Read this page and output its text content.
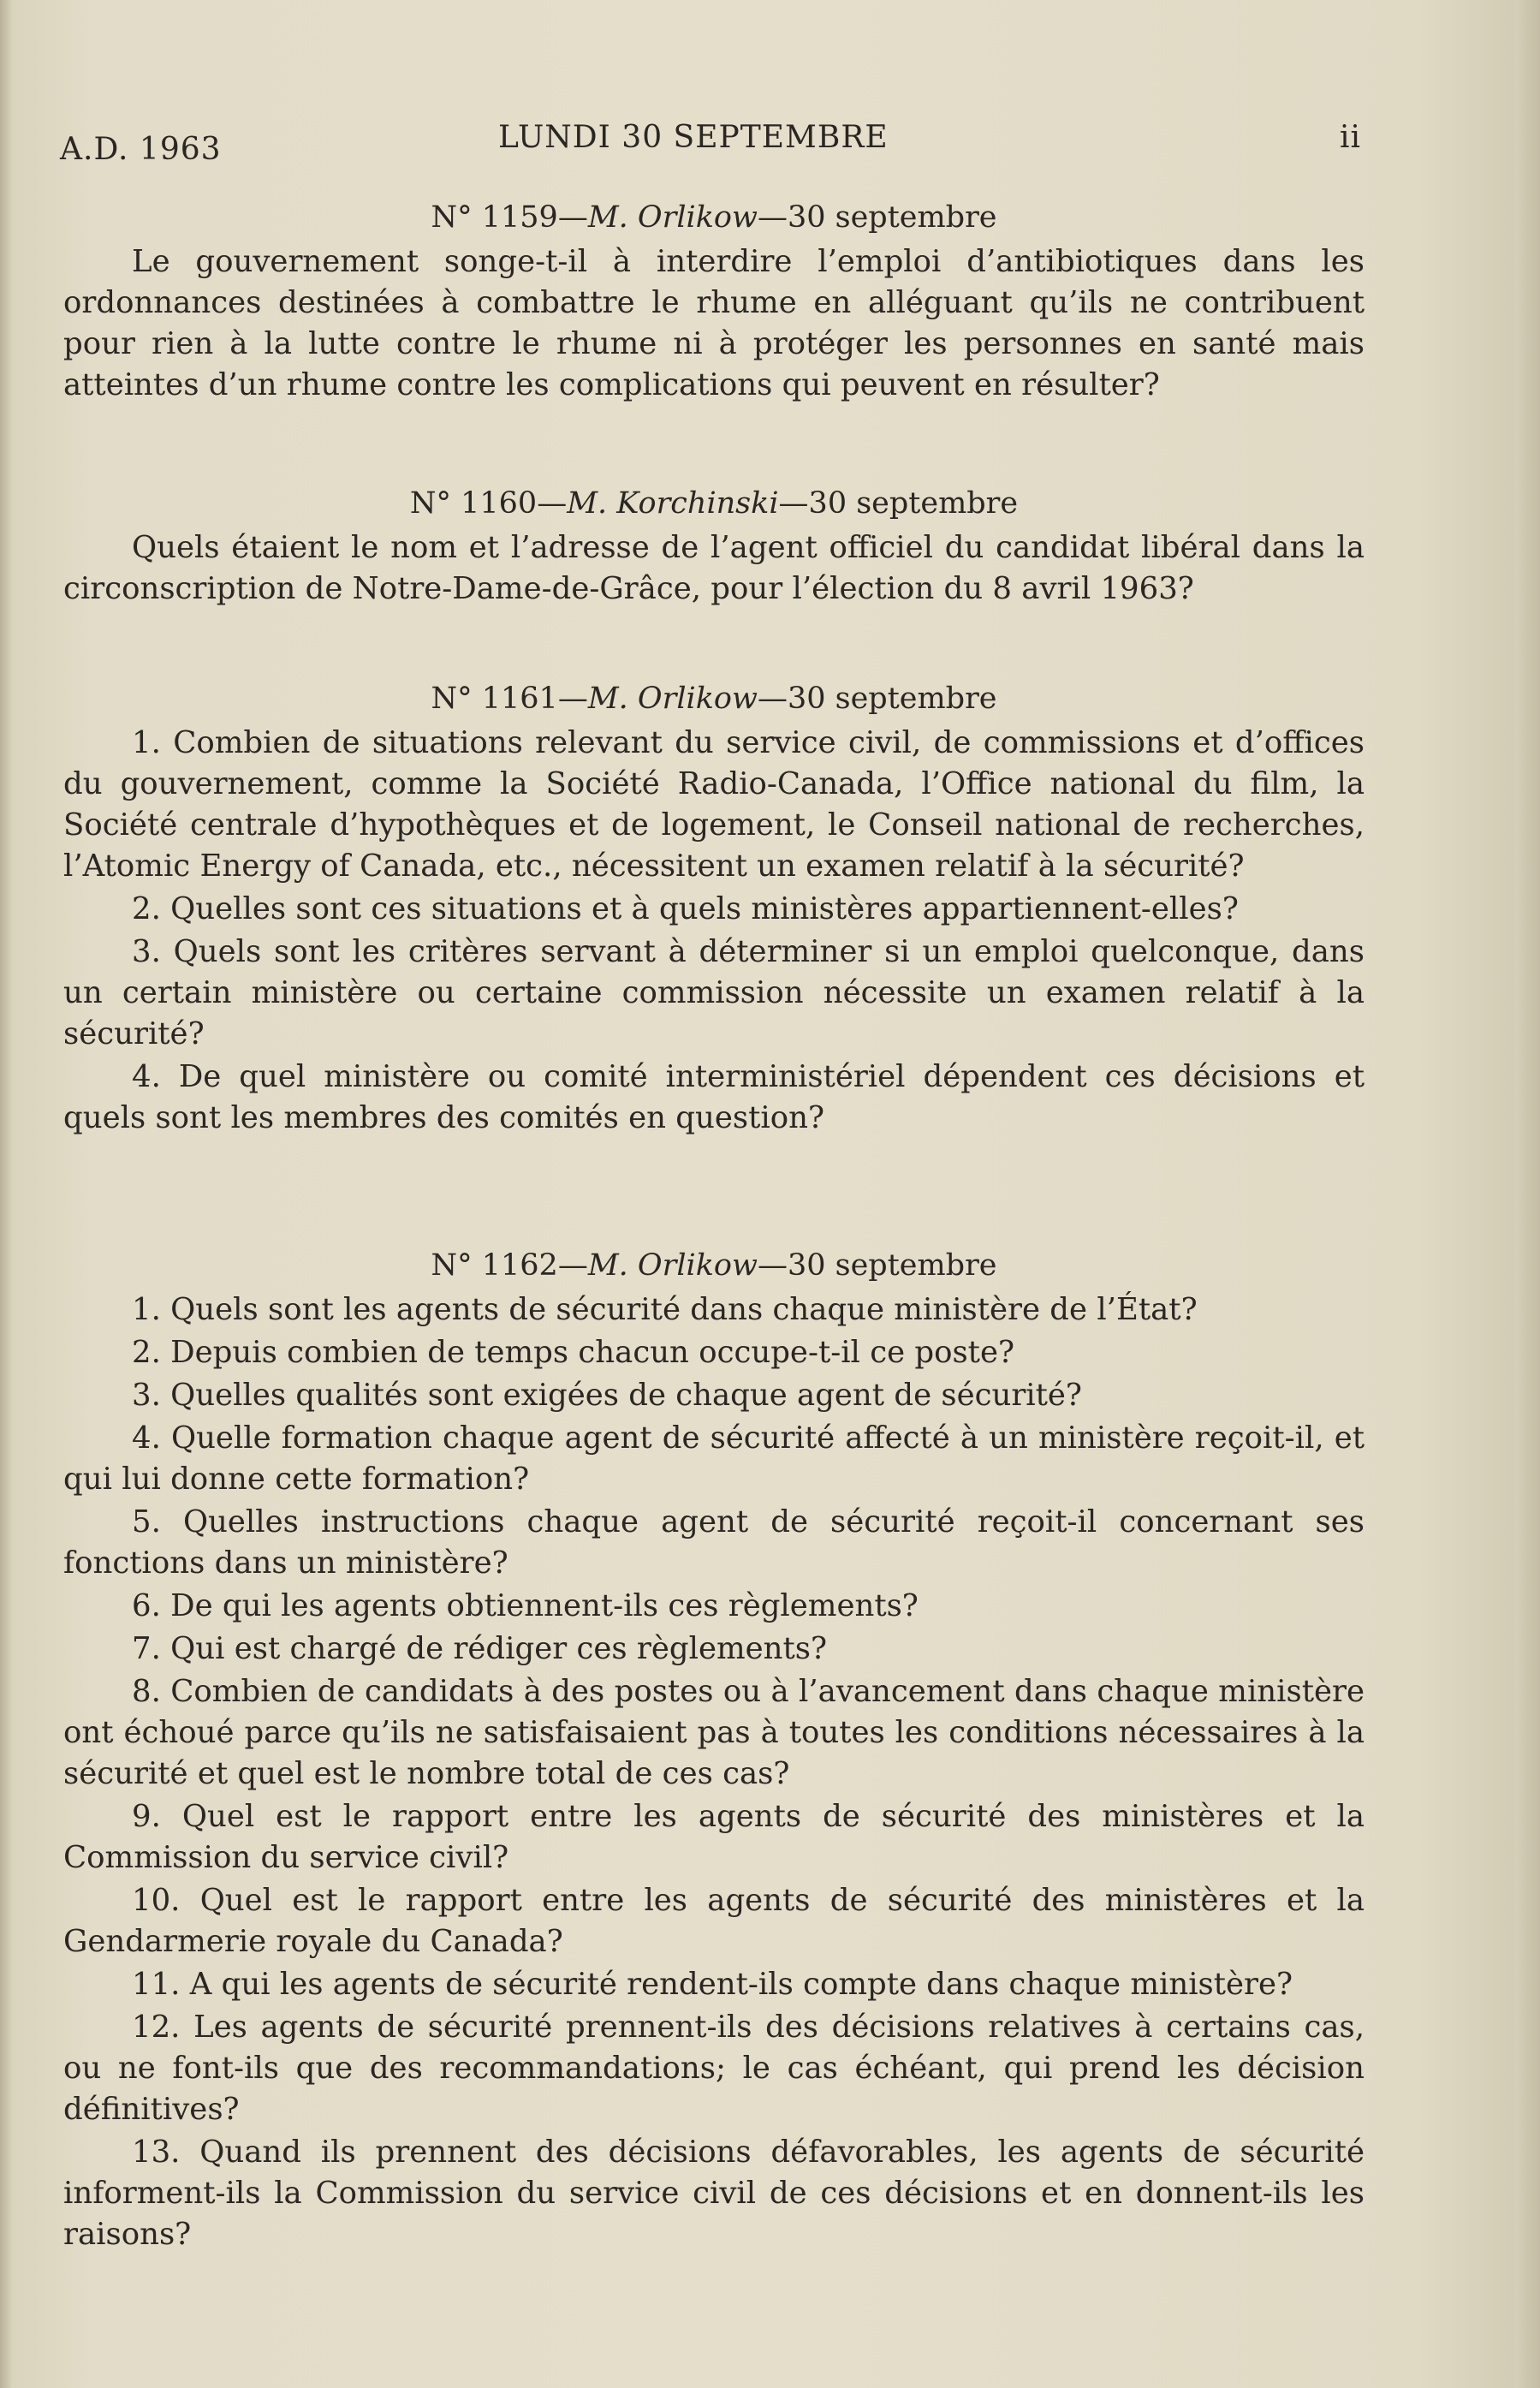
A.D. 1963	LUNDI 30 SEPTEMBRE	ii

N° 1159—M. Orlikow—30 septembre

Le gouvernement songe-t-il à interdire l’emploi d’antibiotiques dans les ordonnances destinées à combattre le rhume en alléguant qu’ils ne contribuent pour rien à la lutte contre le rhume ni à protéger les personnes en santé mais atteintes d’un rhume contre les complications qui peuvent en résulter?

N° 1160—M. Korchinski—30 septembre

Quels étaient le nom et l’adresse de l’agent officiel du candidat libéral dans la circonscription de Notre-Dame-de-Grâce, pour l’élection du 8 avril 1963?

N° 1161—M. Orlikow—30 septembre

1. Combien de situations relevant du service civil, de commissions et d’offices du gouvernement, comme la Société Radio-Canada, l’Office national du film, la Société centrale d’hypothèques et de logement, le Conseil national de recherches, l’Atomic Energy of Canada, etc., nécessitent un examen relatif à la sécurité?

2. Quelles sont ces situations et à quels ministères appartiennent-elles?

3. Quels sont les critères servant à déterminer si un emploi quelconque, dans un certain ministère ou certaine commission nécessite un examen relatif à la sécurité?

4. De quel ministère ou comité interministériel dépendent ces décisions et quels sont les membres des comités en question?

N° 1162—M. Orlikow—30 septembre

1. Quels sont les agents de sécurité dans chaque ministère de l’État?

2. Depuis combien de temps chacun occupe-t-il ce poste?

3. Quelles qualités sont exigées de chaque agent de sécurité?

4. Quelle formation chaque agent de sécurité affecté à un ministère reçoit-il, et qui lui donne cette formation?

5. Quelles instructions chaque agent de sécurité reçoit-il concernant ses fonctions dans un ministère?

6. De qui les agents obtiennent-ils ces règlements?

7. Qui est chargé de rédiger ces règlements?

8. Combien de candidats à des postes ou à l’avancement dans chaque ministère ont échoué parce qu’ils ne satisfaisaient pas à toutes les conditions nécessaires à la sécurité et quel est le nombre total de ces cas?

9. Quel est le rapport entre les agents de sécurité des ministères et la Commission du service civil?

10. Quel est le rapport entre les agents de sécurité des ministères et la Gendarmerie royale du Canada?

11. A qui les agents de sécurité rendent-ils compte dans chaque ministère?

12. Les agents de sécurité prennent-ils des décisions relatives à certains cas, ou ne font-ils que des recommandations; le cas échéant, qui prend les décision définitives?

13. Quand ils prennent des décisions défavorables, les agents de sécurité informent-ils la Commission du service civil de ces décisions et en donnent-ils les raisons?
